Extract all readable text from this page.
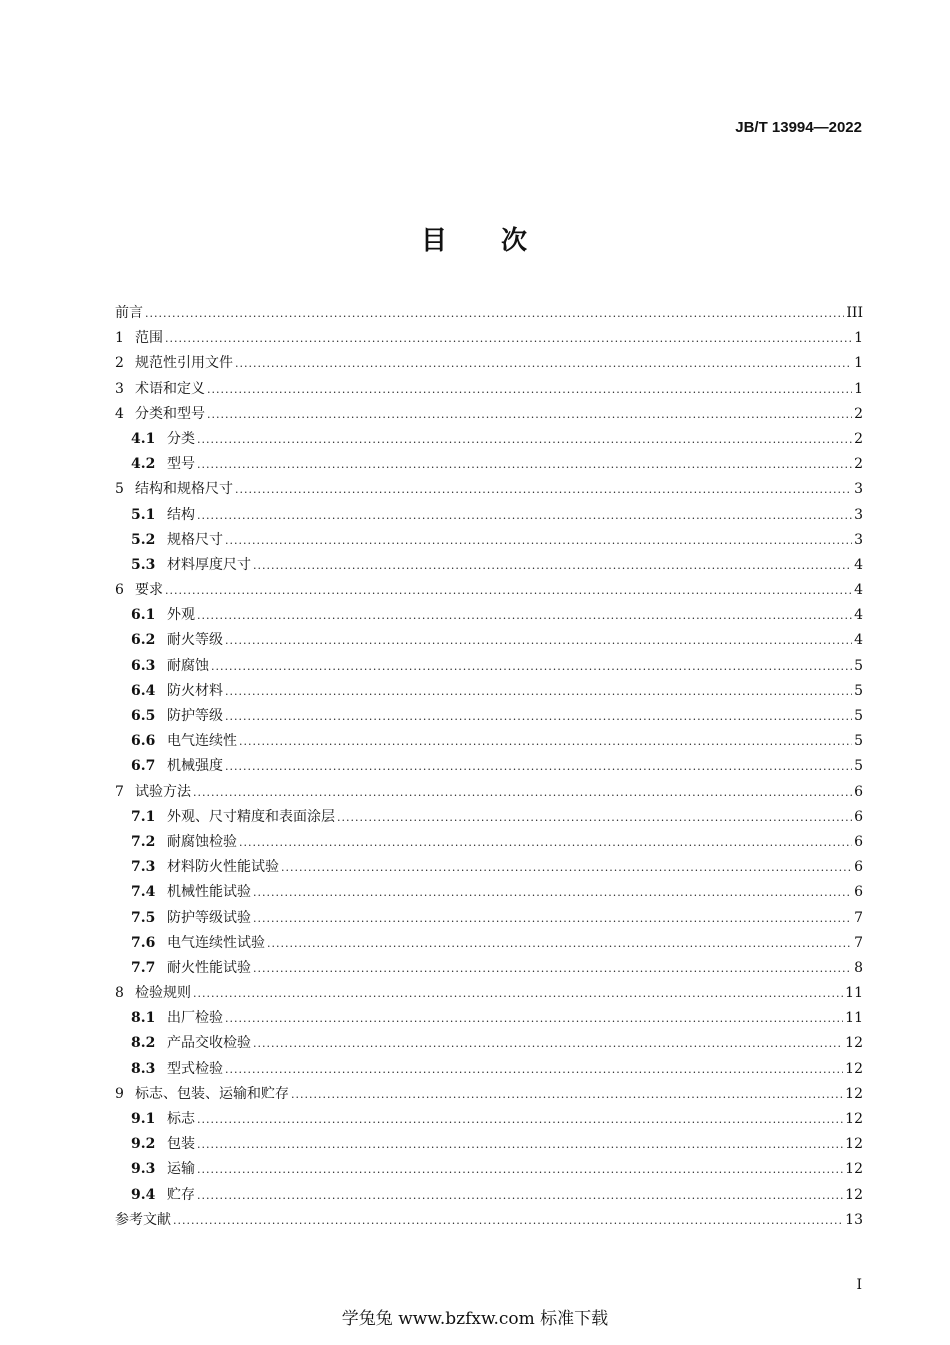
JB/T 13994—2022
目 次
前言 .....	III
1 范围 .....	1
2 规范性引用文件 .....	1
3 术语和定义 .....	1
4 分类和型号 .....	2
4.1 分类 .....	2
4.2 型号 .....	2
5 结构和规格尺寸 .....	3
5.1 结构 .....	3
5.2 规格尺寸 .....	3
5.3 材料厚度尺寸 .....	4
6 要求 .....	4
6.1 外观 .....	4
6.2 耐火等级 .....	4
6.3 耐腐蚀 .....	5
6.4 防火材料 .....	5
6.5 防护等级 .....	5
6.6 电气连续性 .....	5
6.7 机械强度 .....	5
7 试验方法 .....	6
7.1 外观、尺寸精度和表面涂层 .....	6
7.2 耐腐蚀检验 .....	6
7.3 材料防火性能试验 .....	6
7.4 机械性能试验 .....	6
7.5 防护等级试验 .....	7
7.6 电气连续性试验 .....	7
7.7 耐火性能试验 .....	8
8 检验规则 .....	11
8.1 出厂检验 .....	11
8.2 产品交收检验 .....	12
8.3 型式检验 .....	12
9 标志、包装、运输和贮存 .....	12
9.1 标志 .....	12
9.2 包装 .....	12
9.3 运输 .....	12
9.4 贮存 .....	12
参考文献 .....	13
I
学兔兔 www.bzfxw.com 标准下载
